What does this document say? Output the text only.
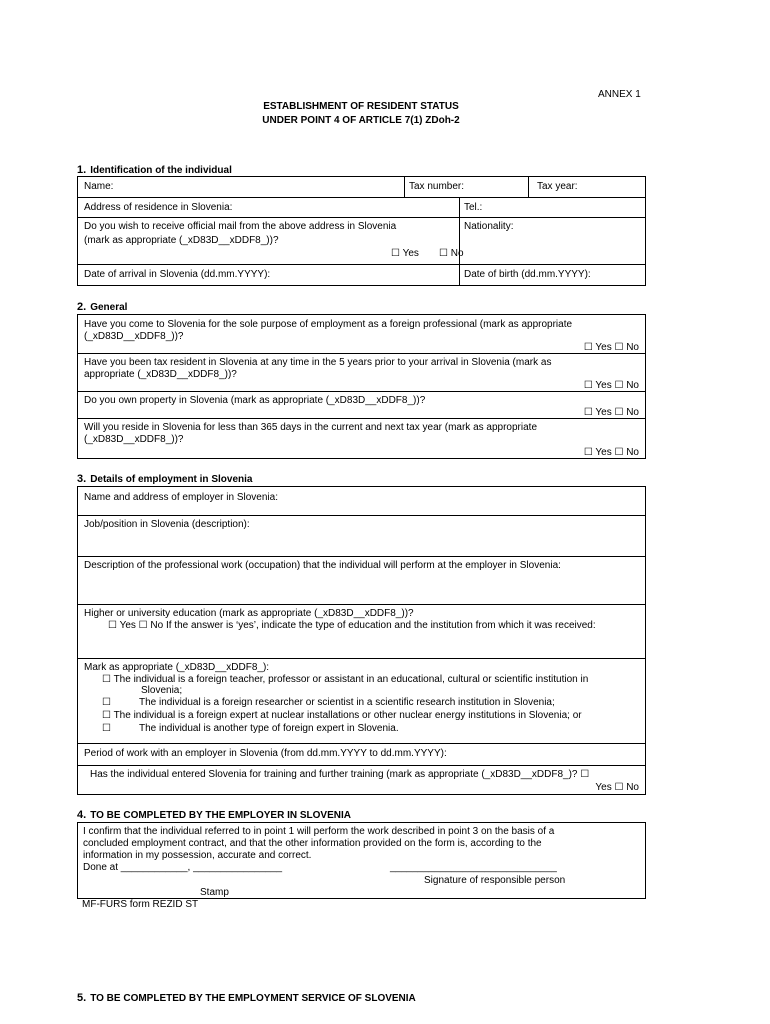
ANNEX 1
ESTABLISHMENT OF RESIDENT STATUS
UNDER POINT 4 OF ARTICLE 7(1) ZDoh-2
1. Identification of the individual
Name:	Tax number:	Tax year:
Address of residence in Slovenia:	Tel.:
Do you wish to receive official mail from the above address in Slovenia
(mark as appropriate (_xD83D__xDDF8_))?
☐ Yes ☐ No
Nationality:
Date of arrival in Slovenia (dd.mm.YYYY):	Date of birth (dd.mm.YYYY):
2. General
Have you come to Slovenia for the sole purpose of employment as a foreign professional (mark as appropriate
(_xD83D__xDDF8_))?
☐ Yes ☐ No
Have you been tax resident in Slovenia at any time in the 5 years prior to your arrival in Slovenia (mark as
appropriate (_xD83D__xDDF8_))?
☐ Yes ☐ No
Do you own property in Slovenia (mark as appropriate (_xD83D__xDDF8_))?
☐ Yes ☐ No
Will you reside in Slovenia for less than 365 days in the current and next tax year (mark as appropriate
(_xD83D__xDDF8_))?
☐ Yes ☐ No
3. Details of employment in Slovenia
Name and address of employer in Slovenia:
Job/position in Slovenia (description):
Description of the professional work (occupation) that the individual will perform at the employer in Slovenia:
Higher or university education (mark as appropriate (_xD83D__xDDF8_))?
☐ Yes ☐ No If the answer is ‘yes’, indicate the type of education and the institution from which it was received:
Mark as appropriate (_xD83D__xDDF8_):
☐ The individual is a foreign teacher, professor or assistant in an educational, cultural or scientific institution in
Slovenia;
☐	The individual is a foreign researcher or scientist in a scientific research institution in Slovenia;
☐ The individual is a foreign expert at nuclear installations or other nuclear energy institutions in Slovenia; or
☐	The individual is another type of foreign expert in Slovenia.
Period of work with an employer in Slovenia (from dd.mm.YYYY to dd.mm.YYYY):
Has the individual entered Slovenia for training and further training (mark as appropriate (_xD83D__xDDF8_)? ☐
Yes ☐ No
4. TO BE COMPLETED BY THE EMPLOYER IN SLOVENIA
I confirm that the individual referred to in point 1 will perform the work described in point 3 on the basis of a
concluded employment contract, and that the other information provided on the form is, according to the
information in my possession, accurate and correct.
Done at ____________, ________________	______________________________
Signature of responsible person
Stamp
MF-FURS form REZID ST
5. TO BE COMPLETED BY THE EMPLOYMENT SERVICE OF SLOVENIA
